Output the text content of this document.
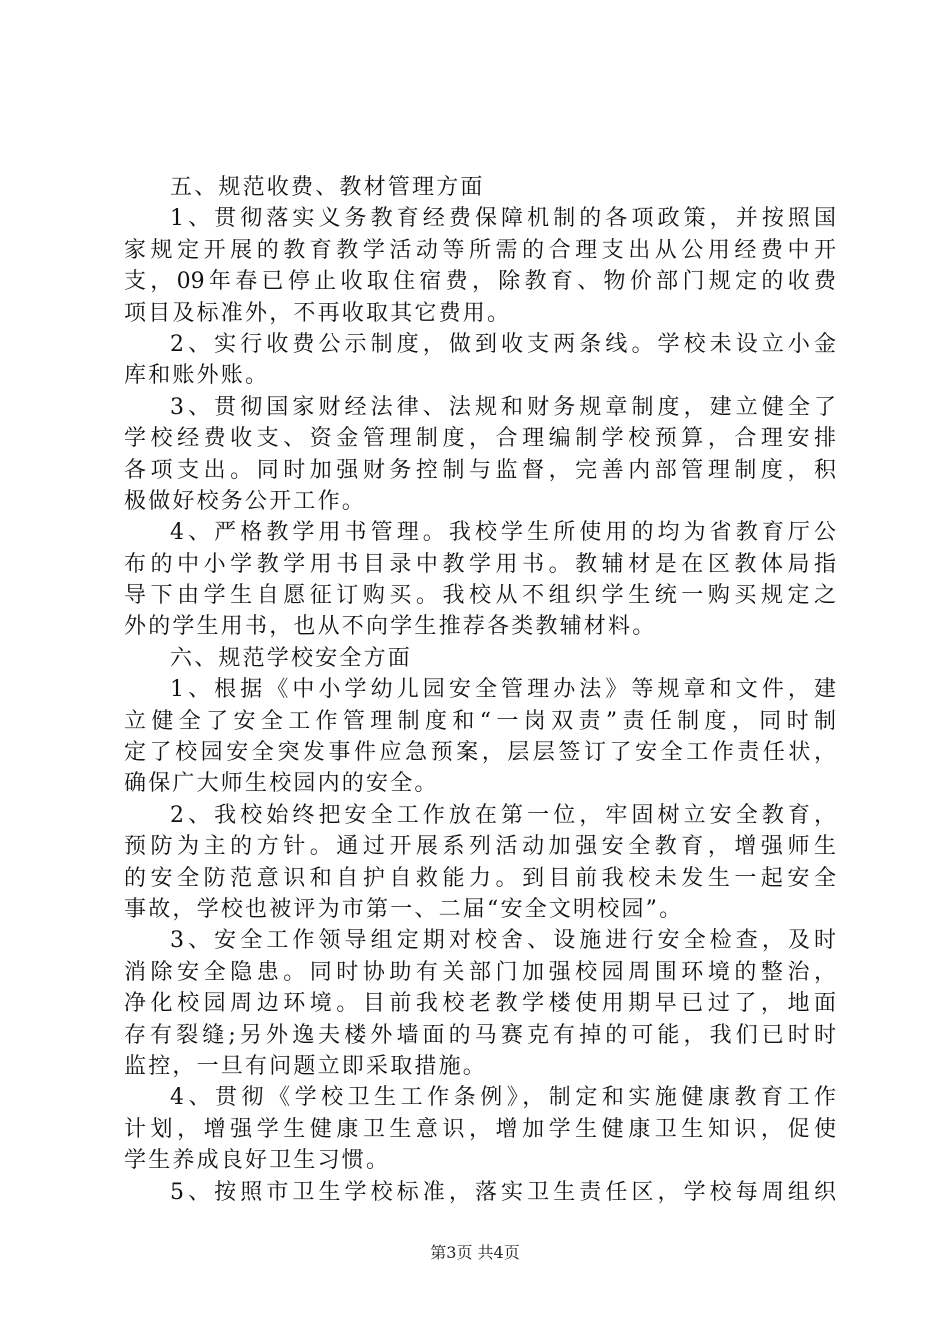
五、规范收费、教材管理方面
1、贯彻落实义务教育经费保障机制的各项政策，并按照国
家规定开展的教育教学活动等所需的合理支出从公用经费中开
支，09年春已停止收取住宿费，除教育、物价部门规定的收费
项目及标准外，不再收取其它费用。
2、实行收费公示制度，做到收支两条线。学校未设立小金
库和账外账。
3、贯彻国家财经法律、法规和财务规章制度，建立健全了
学校经费收支、资金管理制度，合理编制学校预算，合理安排
各项支出。同时加强财务控制与监督，完善内部管理制度，积
极做好校务公开工作。
4、严格教学用书管理。我校学生所使用的均为省教育厅公
布的中小学教学用书目录中教学用书。教辅材是在区教体局指
导下由学生自愿征订购买。我校从不组织学生统一购买规定之
外的学生用书，也从不向学生推荐各类教辅材料。
六、规范学校安全方面
1、根据《中小学幼儿园安全管理办法》等规章和文件，建
立健全了安全工作管理制度和“一岗双责”责任制度，同时制
定了校园安全突发事件应急预案，层层签订了安全工作责任状，
确保广大师生校园内的安全。
2、我校始终把安全工作放在第一位，牢固树立安全教育，
预防为主的方针。通过开展系列活动加强安全教育，增强师生
的安全防范意识和自护自救能力。到目前我校未发生一起安全
事故，学校也被评为市第一、二届“安全文明校园”。
3、安全工作领导组定期对校舍、设施进行安全检查，及时
消除安全隐患。同时协助有关部门加强校园周围环境的整治，
净化校园周边环境。目前我校老教学楼使用期早已过了，地面
存有裂缝;另外逸夫楼外墙面的马赛克有掉的可能，我们已时时
监控，一旦有问题立即采取措施。
4、贯彻《学校卫生工作条例》，制定和实施健康教育工作
计划，增强学生健康卫生意识，增加学生健康卫生知识，促使
学生养成良好卫生习惯。
5、按照市卫生学校标准，落实卫生责任区，学校每周组织
第3页 共4页
